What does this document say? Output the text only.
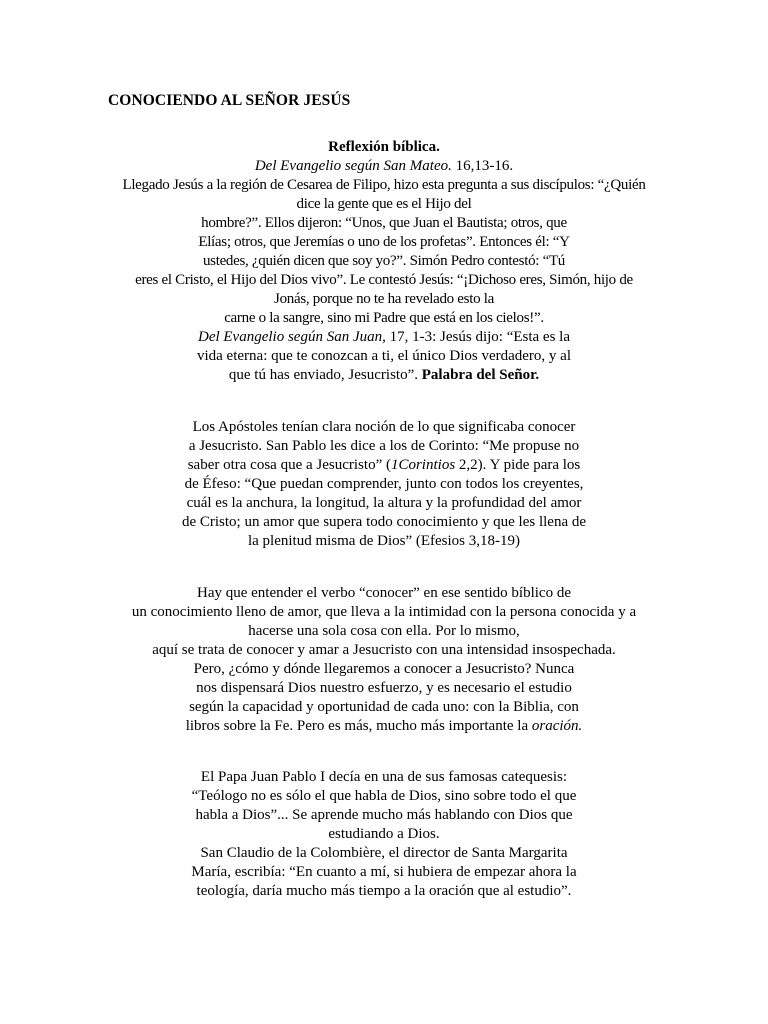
CONOCIENDO AL SEÑOR JESÚS
Reflexión bíblica.
Del Evangelio según San Mateo. 16,13-16.
Llegado Jesús a la región de Cesarea de Filipo, hizo esta pregunta a sus discípulos: “¿Quién
dice la gente que es el Hijo del
hombre?”. Ellos dijeron: “Unos, que Juan el Bautista; otros, que
Elías; otros, que Jeremías o uno de los profetas”. Entonces él: “Y
ustedes, ¿quién dicen que soy yo?”. Simón Pedro contestó: “Tú
eres el Cristo, el Hijo del Dios vivo”. Le contestó Jesús: “¡Dichoso eres, Simón, hijo de
Jonás, porque no te ha revelado esto la
carne o la sangre, sino mi Padre que está en los cielos!”.
Del Evangelio según San Juan, 17, 1-3: Jesús dijo: “Esta es la
vida eterna: que te conozcan a ti, el único Dios verdadero, y al
que tú has enviado, Jesucristo”. Palabra del Señor.
Los Apóstoles tenían clara noción de lo que significaba conocer
a Jesucristo. San Pablo les dice a los de Corinto: “Me propuse no
saber otra cosa que a Jesucristo” (1Corintios 2,2). Y pide para los
de Éfeso: “Que puedan comprender, junto con todos los creyentes,
cuál es la anchura, la longitud, la altura y la profundidad del amor
de Cristo; un amor que supera todo conocimiento y que les llena de
la plenitud misma de Dios” (Efesios 3,18-19)
Hay que entender el verbo “conocer” en ese sentido bíblico de
un conocimiento lleno de amor, que lleva a la intimidad con la persona conocida y a
hacerse una sola cosa con ella. Por lo mismo,
aquí se trata de conocer y amar a Jesucristo con una intensidad insospechada.
Pero, ¿cómo y dónde llegaremos a conocer a Jesucristo? Nunca
nos dispensará Dios nuestro esfuerzo, y es necesario el estudio
según la capacidad y oportunidad de cada uno: con la Biblia, con
libros sobre la Fe. Pero es más, mucho más importante la oración.
El Papa Juan Pablo I decía en una de sus famosas catequesis:
“Teólogo no es sólo el que habla de Dios, sino sobre todo el que
habla a Dios”... Se aprende mucho más hablando con Dios que
estudiando a Dios.
San Claudio de la Colombière, el director de Santa Margarita
María, escribía: “En cuanto a mí, si hubiera de empezar ahora la
teología, daría mucho más tiempo a la oración que al estudio”.
